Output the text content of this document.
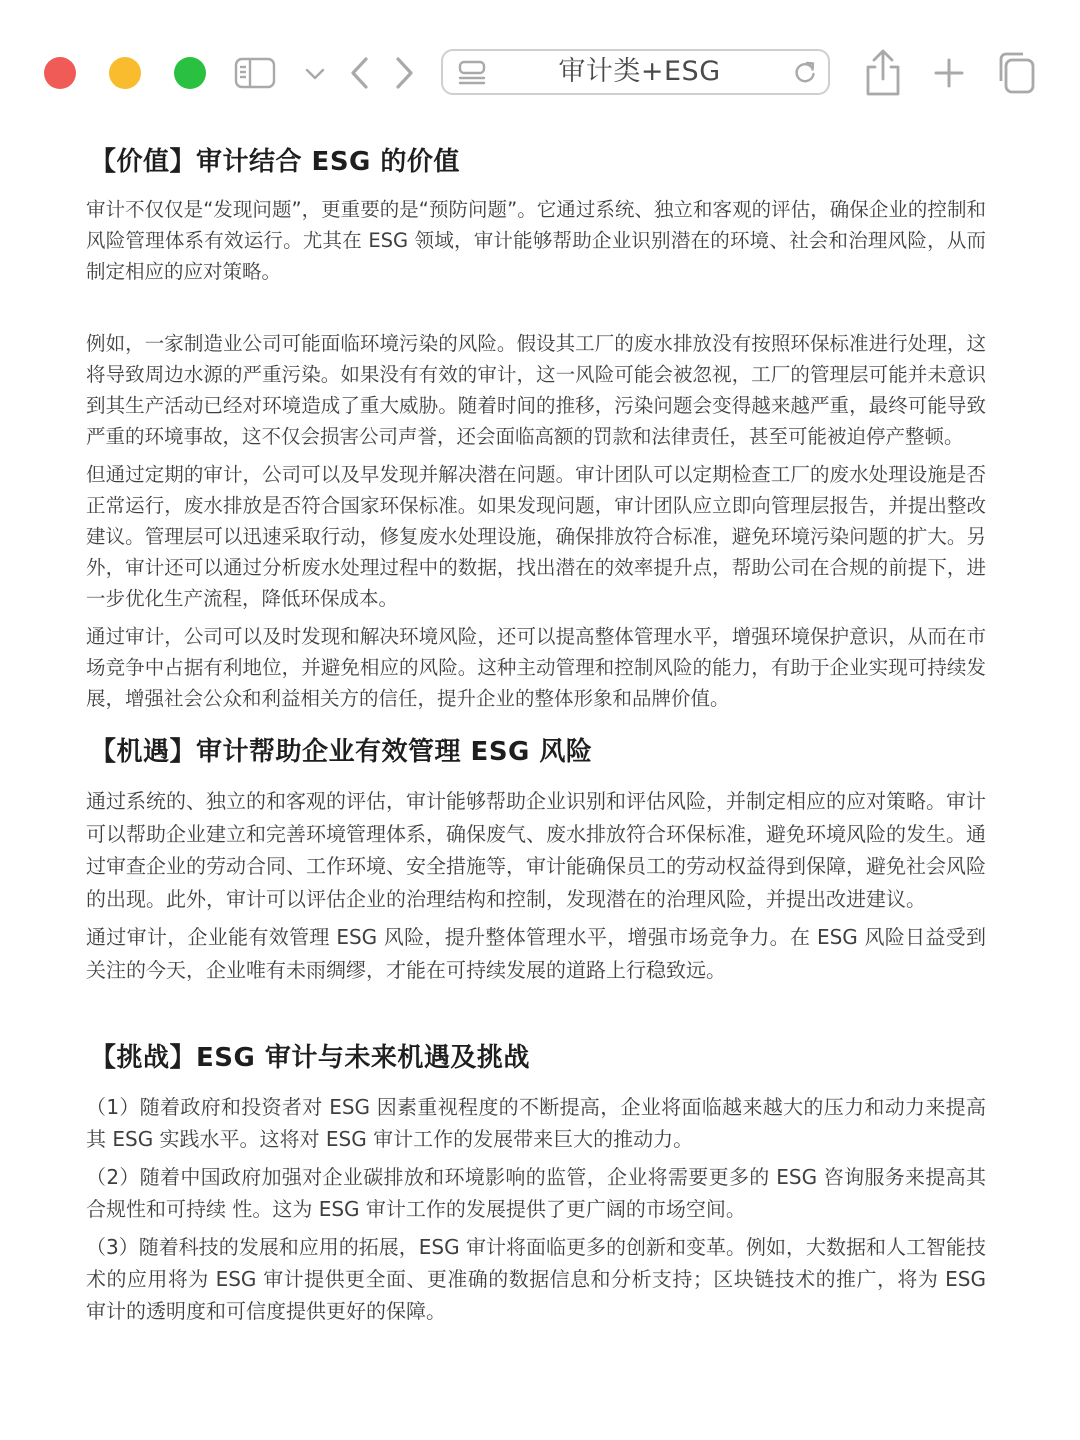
审计类+ESG
【价值】审计结合 ESG 的价值

审计不仅仅是“发现问题”，更重要的是“预防问题”。它通过系统、独立和客观的评估，确保企业的控制和风险管理体系有效运行。尤其在 ESG 领域，审计能够帮助企业识别潜在的环境、社会和治理风险，从而制定相应的应对策略。

例如，一家制造业公司可能面临环境污染的风险。假设其工厂的废水排放没有按照环保标准进行处理，这将导致周边水源的严重污染。如果没有有效的审计，这一风险可能会被忽视，工厂的管理层可能并未意识到其生产活动已经对环境造成了重大威胁。随着时间的推移，污染问题会变得越来越严重，最终可能导致严重的环境事故，这不仅会损害公司声誉，还会面临高额的罚款和法律责任，甚至可能被迫停产整顿。

但通过定期的审计，公司可以及早发现并解决潜在问题。审计团队可以定期检查工厂的废水处理设施是否正常运行，废水排放是否符合国家环保标准。如果发现问题，审计团队应立即向管理层报告，并提出整改建议。管理层可以迅速采取行动，修复废水处理设施，确保排放符合标准，避免环境污染问题的扩大。另外，审计还可以通过分析废水处理过程中的数据，找出潜在的效率提升点，帮助公司在合规的前提下，进一步优化生产流程，降低环保成本。

通过审计，公司可以及时发现和解决环境风险，还可以提高整体管理水平，增强环境保护意识，从而在市场竞争中占据有利地位，并避免相应的风险。这种主动管理和控制风险的能力，有助于企业实现可持续发展，增强社会公众和利益相关方的信任，提升企业的整体形象和品牌价值。

【机遇】审计帮助企业有效管理 ESG 风险

通过系统的、独立的和客观的评估，审计能够帮助企业识别和评估风险，并制定相应的应对策略。审计可以帮助企业建立和完善环境管理体系，确保废气、废水排放符合环保标准，避免环境风险的发生。通过审查企业的劳动合同、工作环境、安全措施等，审计能确保员工的劳动权益得到保障，避免社会风险的出现。此外，审计可以评估企业的治理结构和控制，发现潜在的治理风险，并提出改进建议。

通过审计，企业能有效管理 ESG 风险，提升整体管理水平，增强市场竞争力。在 ESG 风险日益受到关注的今天，企业唯有未雨绸缪，才能在可持续发展的道路上行稳致远。

【挑战】ESG 审计与未来机遇及挑战

（1）随着政府和投资者对 ESG 因素重视程度的不断提高，企业将面临越来越大的压力和动力来提高其 ESG 实践水平。这将对 ESG 审计工作的发展带来巨大的推动力。

（2）随着中国政府加强对企业碳排放和环境影响的监管，企业将需要更多的 ESG 咨询服务来提高其合规性和可持续 性。这为 ESG 审计工作的发展提供了更广阔的市场空间。

（3）随着科技的发展和应用的拓展，ESG 审计将面临更多的创新和变革。例如，大数据和人工智能技术的应用将为 ESG 审计提供更全面、更准确的数据信息和分析支持；区块链技术的推广，将为 ESG 审计的透明度和可信度提供更好的保障。
